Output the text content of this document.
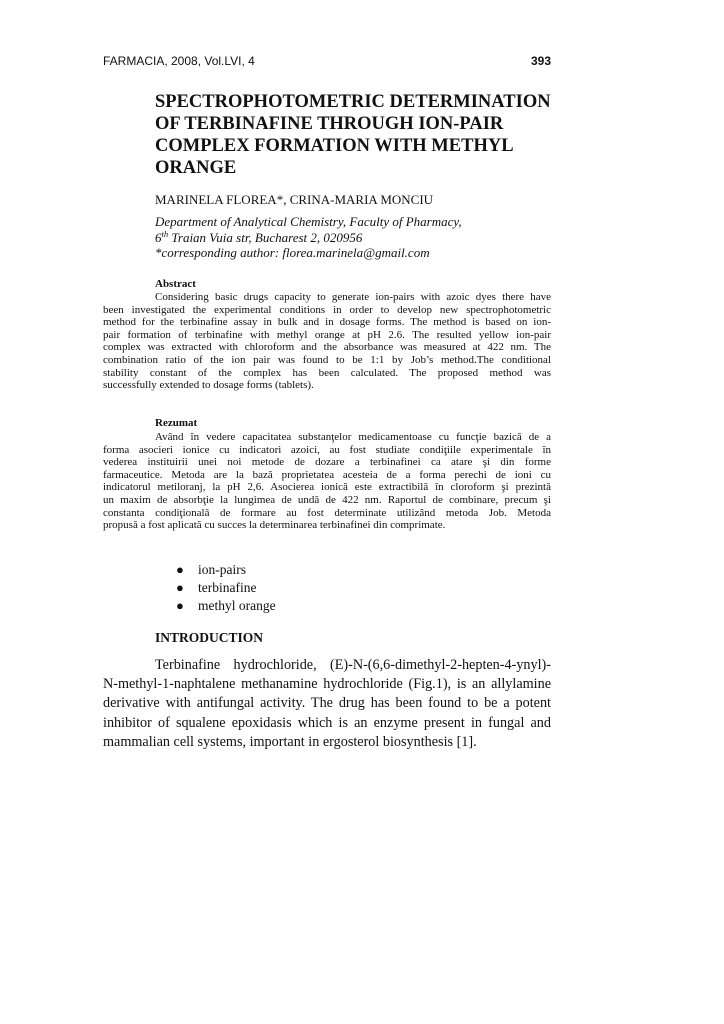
FARMACIA, 2008, Vol.LVI, 4	393
SPECTROPHOTOMETRIC DETERMINATION
OF TERBINAFINE THROUGH ION-PAIR
COMPLEX FORMATION WITH METHYL
ORANGE

MARINELA FLOREA*, CRINA-MARIA MONCIU

Department of Analytical Chemistry, Faculty of Pharmacy,
6th Traian Vuia str, Bucharest 2, 020956
*corresponding author: florea.marinela@gmail.com
Abstract
Considering basic drugs capacity to generate ion-pairs with azoic dyes there have
been investigated the experimental conditions in order to develop new spectrophotometric
method for the terbinafine assay in bulk and in dosage forms. The method is based on ion-
pair formation of terbinafine with methyl orange at pH 2.6. The resulted yellow ion-pair
complex was extracted with chloroform and the absorbance was measured at 422 nm. The
combination ratio of the ion pair was found to be 1:1 by Job’s method.The conditional
stability constant of the complex has been calculated. The proposed method was
successfully extended to dosage forms (tablets).
Rezumat
Având în vedere capacitatea substanţelor medicamentoase cu funcţie bazică de a
forma asocieri ionice cu indicatori azoici, au fost studiate condiţiile experimentale în
vederea instituirii unei noi metode de dozare a terbinafinei ca atare şi din forme
farmaceutice. Metoda are la bază proprietatea acesteia de a forma perechi de ioni cu
indicatorul metiloranj, la pH 2,6. Asocierea ionică este extractibilă în cloroform şi prezintă
un maxim de absorbţie la lungimea de undă de 422 nm. Raportul de combinare, precum şi
constanta condiţională de formare au fost determinate utilizând metoda Job. Metoda
propusă a fost aplicată cu succes la determinarea terbinafinei din comprimate.
●	ion-pairs
●	terbinafine
●	methyl orange
INTRODUCTION
Terbinafine hydrochloride, (E)-N-(6,6-dimethyl-2-hepten-4-ynyl)-
N-methyl-1-naphtalene methanamine hydrochloride (Fig.1), is an allylamine
derivative with antifungal activity. The drug has been found to be a potent
inhibitor of squalene epoxidasis which is an enzyme present in fungal and
mammalian cell systems, important in ergosterol biosynthesis [1].
